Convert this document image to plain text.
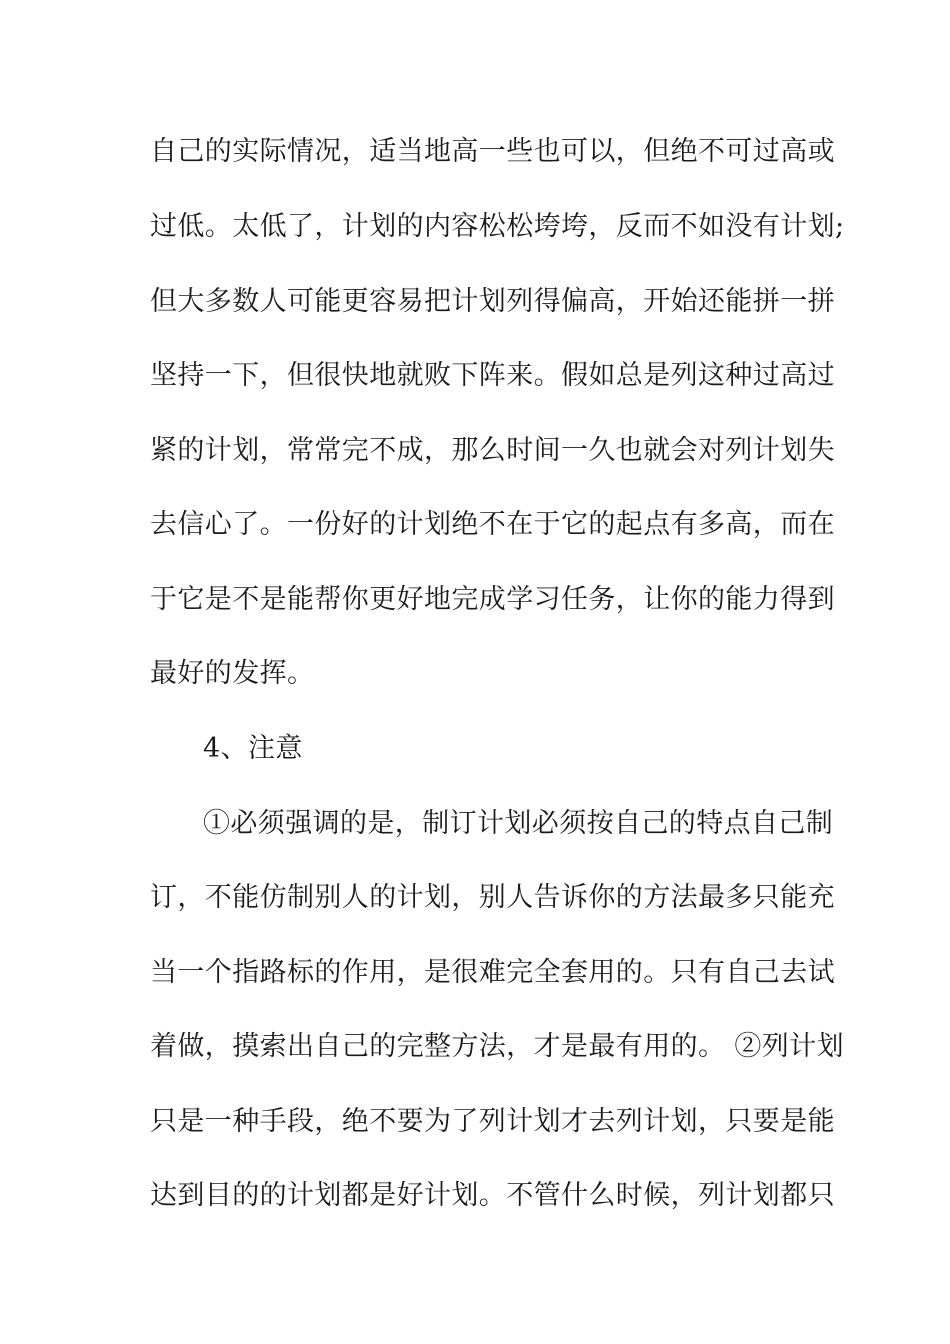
自己的实际情况，适当地高一些也可以，但绝不可过高或
过低。太低了，计划的内容松松垮垮，反而不如没有计划;
但大多数人可能更容易把计划列得偏高，开始还能拼一拼
坚持一下，但很快地就败下阵来。假如总是列这种过高过
紧的计划，常常完不成，那么时间一久也就会对列计划失
去信心了。一份好的计划绝不在于它的起点有多高，而在
于它是不是能帮你更好地完成学习任务，让你的能力得到
最好的发挥。
4、注意
①必须强调的是，制订计划必须按自己的特点自己制
订，不能仿制别人的计划，别人告诉你的方法最多只能充
当一个指路标的作用，是很难完全套用的。只有自己去试
着做，摸索出自己的完整方法，才是最有用的。 ②列计划
只是一种手段，绝不要为了列计划才去列计划，只要是能
达到目的的计划都是好计划。不管什么时候，列计划都只
